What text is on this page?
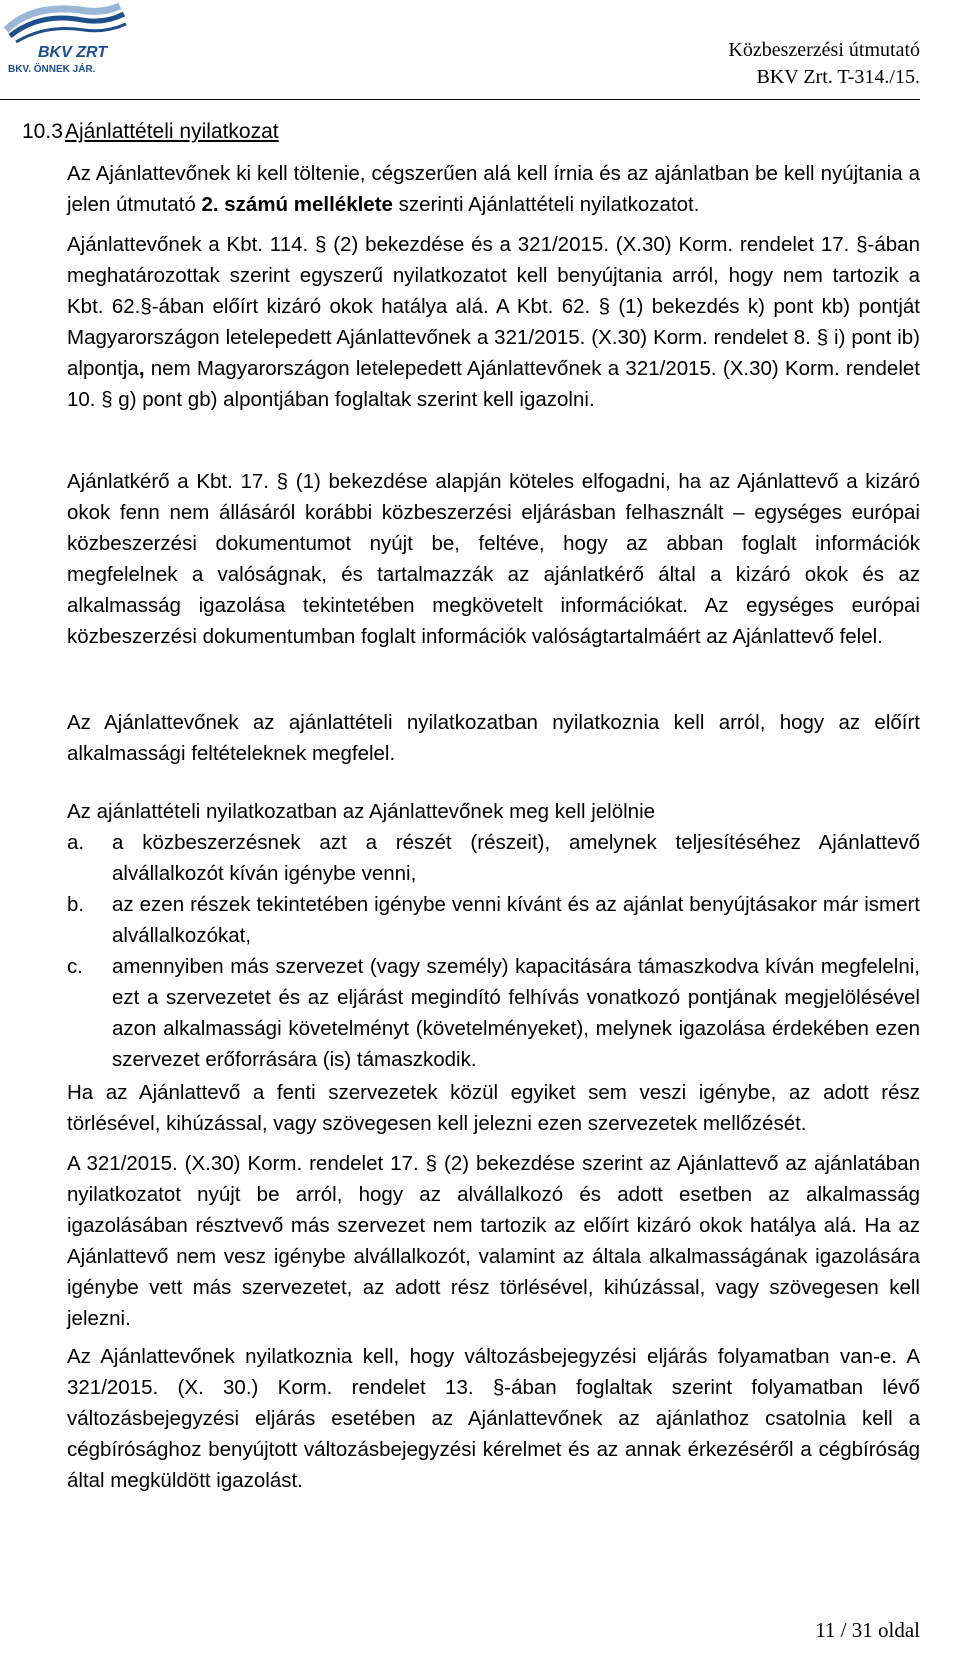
BKV ZRT
BKV. ÖNNEK JÁR.
Közbeszerzési útmutató
BKV Zrt. T-314./15.
10.3 Ajánlattételi nyilatkozat

Az Ajánlattevőnek ki kell töltenie, cégszerűen alá kell írnia és az ajánlatban be kell nyújtania a jelen útmutató 2. számú melléklete szerinti Ajánlattételi nyilatkozatot.

Ajánlattevőnek a Kbt. 114. § (2) bekezdése és a 321/2015. (X.30) Korm. rendelet 17. §-ában meghatározottak szerint egyszerű nyilatkozatot kell benyújtania arról, hogy nem tartozik a Kbt. 62.§-ában előírt kizáró okok hatálya alá. A Kbt. 62. § (1) bekezdés k) pont kb) pontját Magyarországon letelepedett Ajánlattevőnek a 321/2015. (X.30) Korm. rendelet 8. § i) pont ib) alpontja, nem Magyarországon letelepedett Ajánlattevőnek a 321/2015. (X.30) Korm. rendelet 10. § g) pont gb) alpontjában foglaltak szerint kell igazolni.

Ajánlatkérő a Kbt. 17. § (1) bekezdése alapján köteles elfogadni, ha az Ajánlattevő a kizáró okok fenn nem állásáról korábbi közbeszerzési eljárásban felhasznált – egységes európai közbeszerzési dokumentumot nyújt be, feltéve, hogy az abban foglalt információk megfelelnek a valóságnak, és tartalmazzák az ajánlatkérő által a kizáró okok és az alkalmasság igazolása tekintetében megkövetelt információkat. Az egységes európai közbeszerzési dokumentumban foglalt információk valóságtartalmáért az Ajánlattevő felel.

Az Ajánlattevőnek az ajánlattételi nyilatkozatban nyilatkoznia kell arról, hogy az előírt alkalmassági feltételeknek megfelel.

Az ajánlattételi nyilatkozatban az Ajánlattevőnek meg kell jelölnie

a. a közbeszerzésnek azt a részét (részeit), amelynek teljesítéséhez Ajánlattevő alvállalkozót kíván igénybe venni,
b. az ezen részek tekintetében igénybe venni kívánt és az ajánlat benyújtásakor már ismert alvállalkozókat,
c. amennyiben más szervezet (vagy személy) kapacitására támaszkodva kíván megfelelni, ezt a szervezetet és az eljárást megindító felhívás vonatkozó pontjának megjelölésével azon alkalmassági követelményt (követelményeket), melynek igazolása érdekében ezen szervezet erőforrására (is) támaszkodik.

Ha az Ajánlattevő a fenti szervezetek közül egyiket sem veszi igénybe, az adott rész törlésével, kihúzással, vagy szövegesen kell jelezni ezen szervezetek mellőzését.

A 321/2015. (X.30) Korm. rendelet 17. § (2) bekezdése szerint az Ajánlattevő az ajánlatában nyilatkozatot nyújt be arról, hogy az alvállalkozó és adott esetben az alkalmasság igazolásában résztvevő más szervezet nem tartozik az előírt kizáró okok hatálya alá. Ha az Ajánlattevő nem vesz igénybe alvállalkozót, valamint az általa alkalmasságának igazolására igénybe vett más szervezetet, az adott rész törlésével, kihúzással, vagy szövegesen kell jelezni.

Az Ajánlattevőnek nyilatkoznia kell, hogy változásbejegyzési eljárás folyamatban van-e. A 321/2015. (X. 30.) Korm. rendelet 13. §-ában foglaltak szerint folyamatban lévő változásbejegyzési eljárás esetében az Ajánlattevőnek az ajánlathoz csatolnia kell a cégbírósághoz benyújtott változásbejegyzési kérelmet és az annak érkezéséről a cégbíróság által megküldött igazolást.

11 / 31 oldal
